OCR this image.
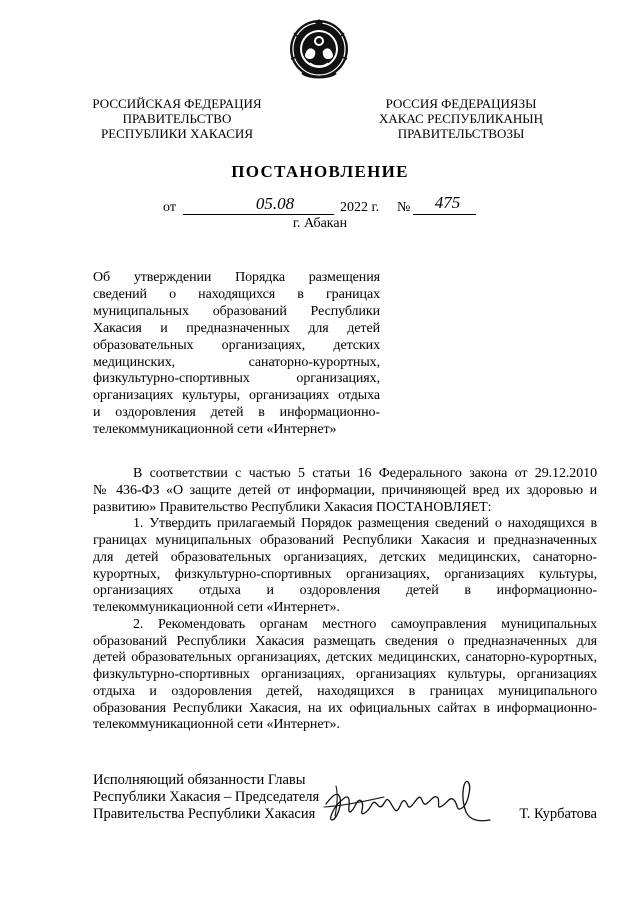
РОССИЙСКАЯ ФЕДЕРАЦИЯ
ПРАВИТЕЛЬСТВО
РЕСПУБЛИКИ ХАКАСИЯ
РОССИЯ ФЕДЕРАЦИЯЗЫ
ХАКАС РЕСПУБЛИКАНЫҢ
ПРАВИТЕЛЬСТВОЗЫ
ПОСТАНОВЛЕНИЕ
от	05.08	2022 г. №	475
г. Абакан
Об утверждении Порядка размещения
сведений о находящихся в границах
муниципальных образований Республики
Хакасия и предназначенных для детей
образовательных организациях, детских
медицинских, санаторно-курортных,
физкультурно-спортивных организациях,
организациях культуры, организациях отдыха
и оздоровления детей в информационно-
телекоммуникационной сети «Интернет»
В соответствии с частью 5 статьи 16 Федерального закона от 29.12.2010
№ 436-ФЗ «О защите детей от информации, причиняющей вред их здоровью и
развитию» Правительство Республики Хакасия ПОСТАНОВЛЯЕТ:
1. Утвердить прилагаемый Порядок размещения сведений о находящихся в
границах муниципальных образований Республики Хакасия и предназначенных
для детей образовательных организациях, детских медицинских, санаторно-
курортных, физкультурно-спортивных организациях, организациях культуры,
организациях отдыха и оздоровления детей в информационно-
телекоммуникационной сети «Интернет».
2. Рекомендовать органам местного самоуправления муниципальных
образований Республики Хакасия размещать сведения о предназначенных для
детей образовательных организациях, детских медицинских, санаторно-курортных,
физкультурно-спортивных организациях, организациях культуры, организациях
отдыха и оздоровления детей, находящихся в границах муниципального
образования Республики Хакасия, на их официальных сайтах в информационно-
телекоммуникационной сети «Интернет».
Исполняющий обязанности Главы
Республики Хакасия – Председателя
Правительства Республики Хакасия	Т. Курбатова
